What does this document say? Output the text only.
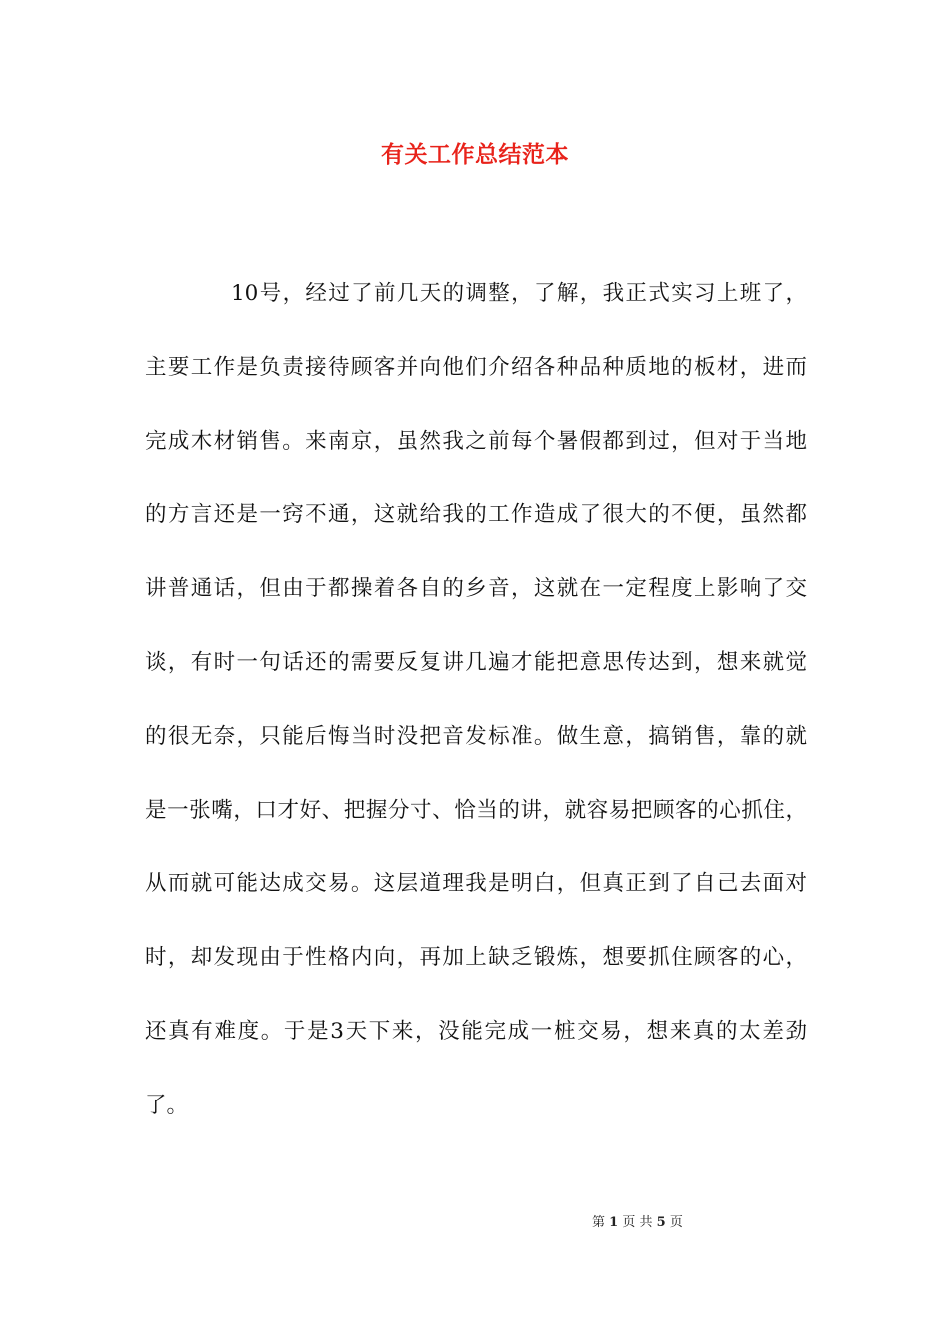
有关工作总结范本
10号，经过了前几天的调整，了解，我正式实习上班了，
主要工作是负责接待顾客并向他们介绍各种品种质地的板材，进而
完成木材销售。来南京，虽然我之前每个暑假都到过，但对于当地
的方言还是一窍不通，这就给我的工作造成了很大的不便，虽然都
讲普通话，但由于都操着各自的乡音，这就在一定程度上影响了交
谈，有时一句话还的需要反复讲几遍才能把意思传达到，想来就觉
的很无奈，只能后悔当时没把音发标准。做生意，搞销售，靠的就
是一张嘴，口才好、把握分寸、恰当的讲，就容易把顾客的心抓住，
从而就可能达成交易。这层道理我是明白，但真正到了自己去面对
时，却发现由于性格内向，再加上缺乏锻炼，想要抓住顾客的心，
还真有难度。于是3天下来，没能完成一桩交易，想来真的太差劲
了。
第 1 页 共 5 页
